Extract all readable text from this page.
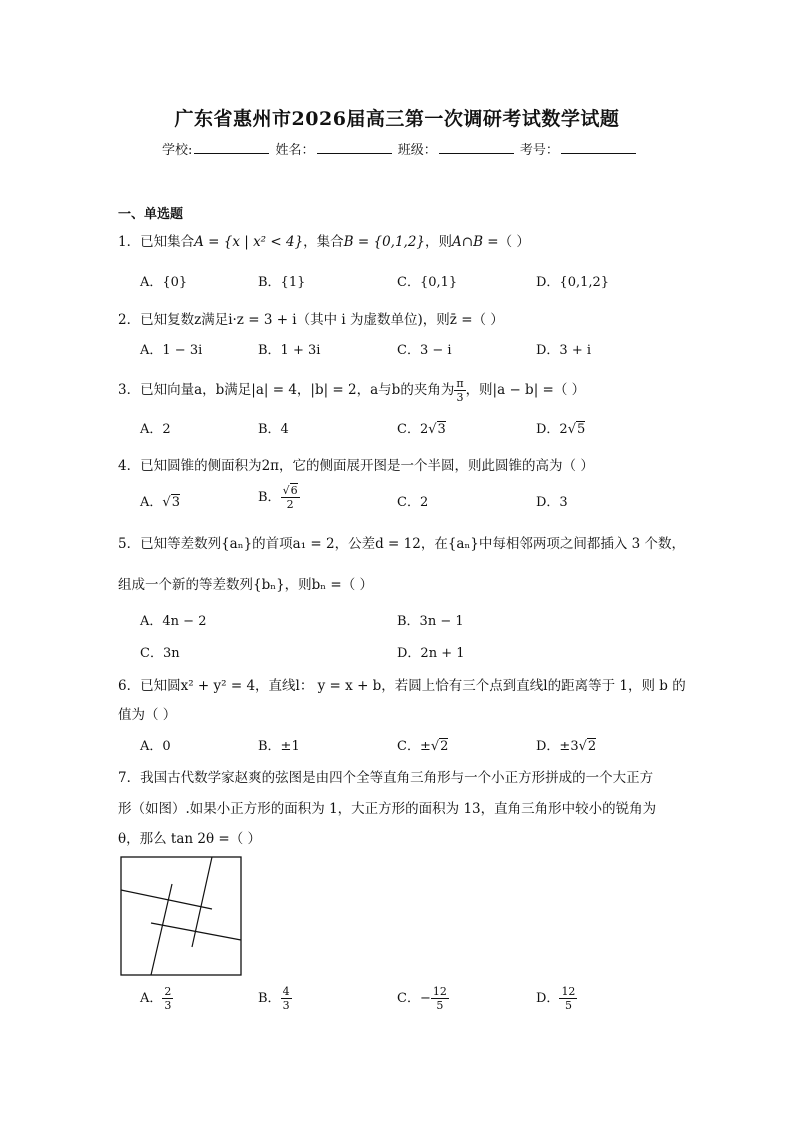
广东省惠州市2026届高三第一次调研考试数学试题
学校:	姓名：	班级：	考号：
一、单选题
1．已知集合A = {x | x² < 4}，集合B = {0,1,2}，则A∩B =（ ）
A．{0}	B．{1}	C．{0,1}	D．{0,1,2}
2．已知复数z满足i·z = 3 + i（其中 i 为虚数单位)，则z̄ =（ ）
A．1 − 3i	B．1 + 3i	C．3 − i	D．3 + i
3．已知向量a，b满足|a| = 4，|b| = 2，a与b的夹角为 $\frac{\pi}{3}$ ，则|a − b| =（ ）
A．2	B．4	C．2√3	D．2√5
4．已知圆锥的侧面积为2π，它的侧面展开图是一个半圆，则此圆锥的高为（ ）
A．√3	B． $\frac{√6}{2}$	C．2	D．3
5．已知等差数列{aₙ}的首项a₁ = 2，公差d = 12，在{aₙ}中每相邻两项之间都插入 3 个数，
组成一个新的等差数列{bₙ}，则bₙ =（ ）
A．4n − 2	B．3n − 1
C．3n	D．2n + 1
6．已知圆x² + y² = 4，直线l： y = x + b，若圆上恰有三个点到直线l的距离等于 1，则 b 的
值为（ ）
A．0	B．±1	C．±√2	D．±3√2
7．我国古代数学家赵爽的弦图是由四个全等直角三角形与一个小正方形拼成的一个大正方
形（如图）.如果小正方形的面积为 1，大正方形的面积为 13，直角三角形中较小的锐角为
θ，那么 tan 2θ =（ ）
A． $\frac{2}{3}$	B． $\frac{4}{3}$	C．− $\frac{12}{5}$	D． $\frac{12}{5}$
